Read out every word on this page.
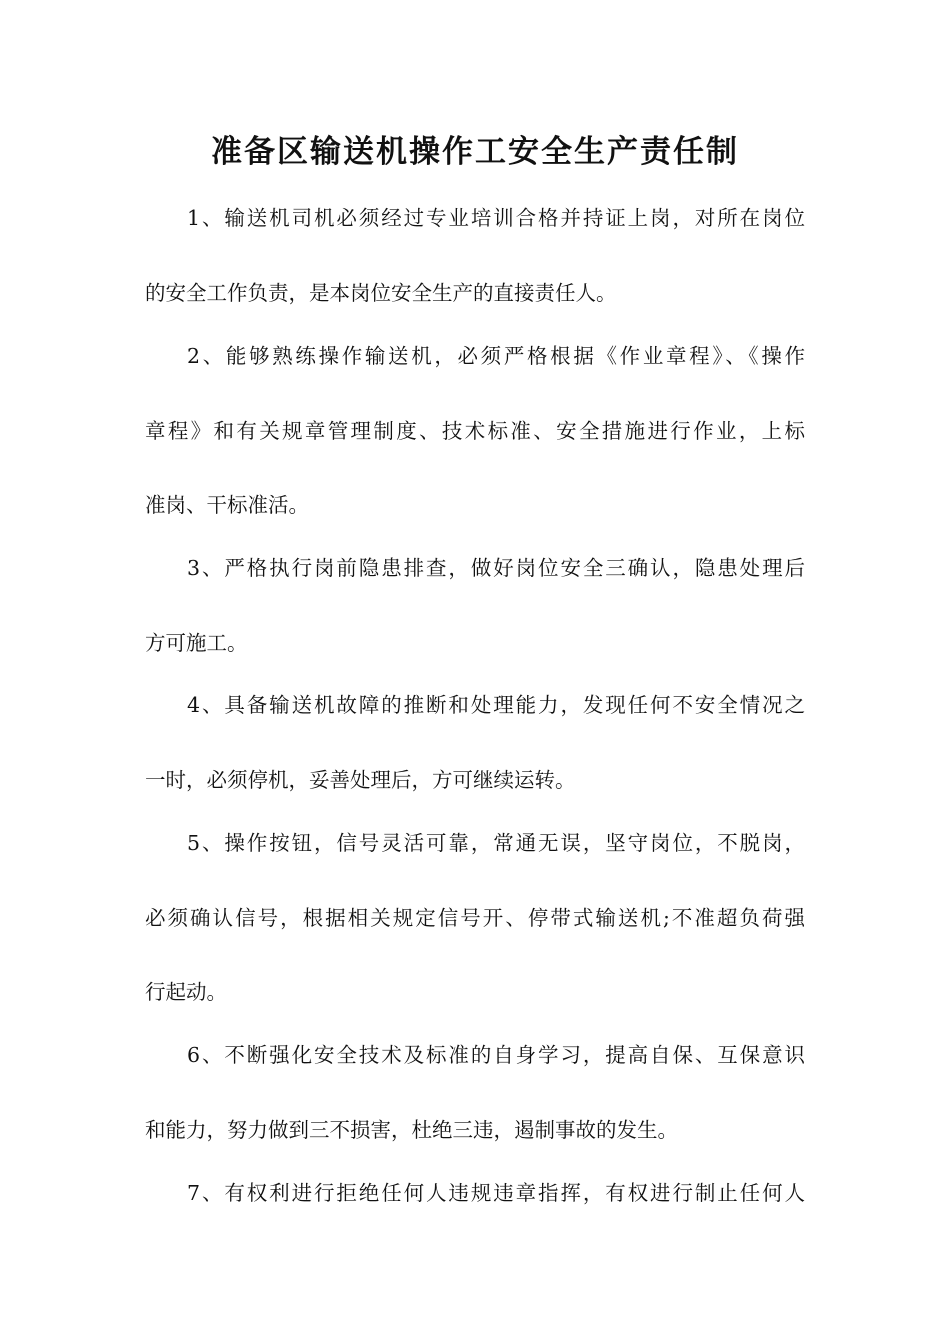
准备区输送机操作工安全生产责任制

1、输送机司机必须经过专业培训合格并持证上岗，对所在岗位

的安全工作负责，是本岗位安全生产的直接责任人。

2、能够熟练操作输送机，必须严格根据《作业章程》、《操作

章程》和有关规章管理制度、技术标准、安全措施进行作业，上标

准岗、干标准活。

3、严格执行岗前隐患排查，做好岗位安全三确认，隐患处理后

方可施工。

4、具备输送机故障的推断和处理能力，发现任何不安全情况之

一时，必须停机，妥善处理后，方可继续运转。

5、操作按钮，信号灵活可靠，常通无误，坚守岗位，不脱岗，

必须确认信号，根据相关规定信号开、停带式输送机;不准超负荷强

行起动。

6、不断强化安全技术及标准的自身学习，提高自保、互保意识

和能力，努力做到三不损害，杜绝三违，遏制事故的发生。

7、有权利进行拒绝任何人违规违章指挥，有权进行制止任何人
